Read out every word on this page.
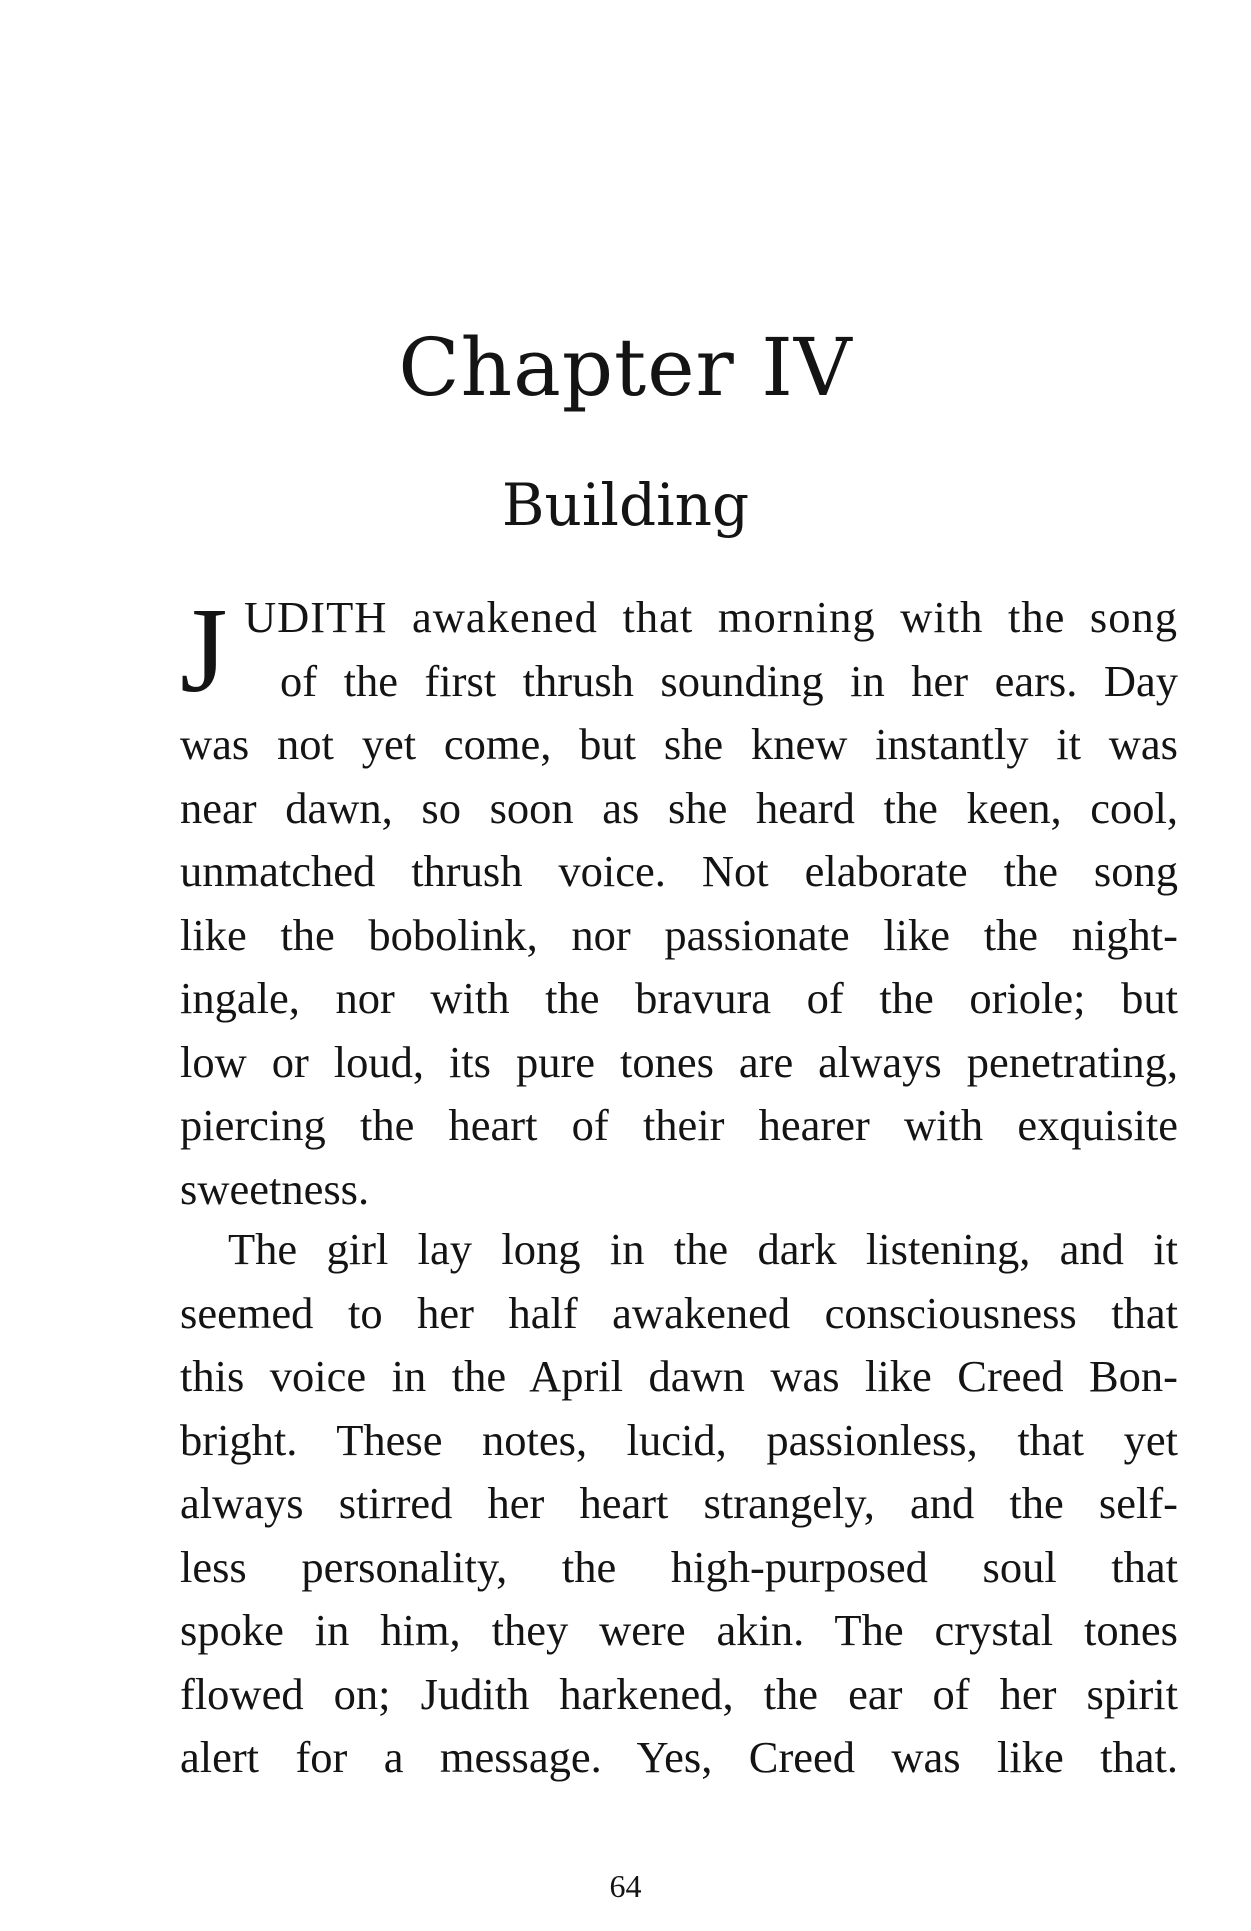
Chapter IV
Building
J UDITH awakened that morning with the song
of the first thrush sounding in her ears. Day
was not yet come, but she knew instantly it was
near dawn, so soon as she heard the keen, cool,
unmatched thrush voice. Not elaborate the song
like the bobolink, nor passionate like the night-
ingale, nor with the bravura of the oriole; but
low or loud, its pure tones are always penetrating,
piercing the heart of their hearer with exquisite
sweetness.
The girl lay long in the dark listening, and it
seemed to her half awakened consciousness that
this voice in the April dawn was like Creed Bon-
bright. These notes, lucid, passionless, that yet
always stirred her heart strangely, and the self-
less personality, the high-purposed soul that
spoke in him, they were akin. The crystal tones
flowed on; Judith harkened, the ear of her spirit
alert for a message. Yes, Creed was like that.
64
